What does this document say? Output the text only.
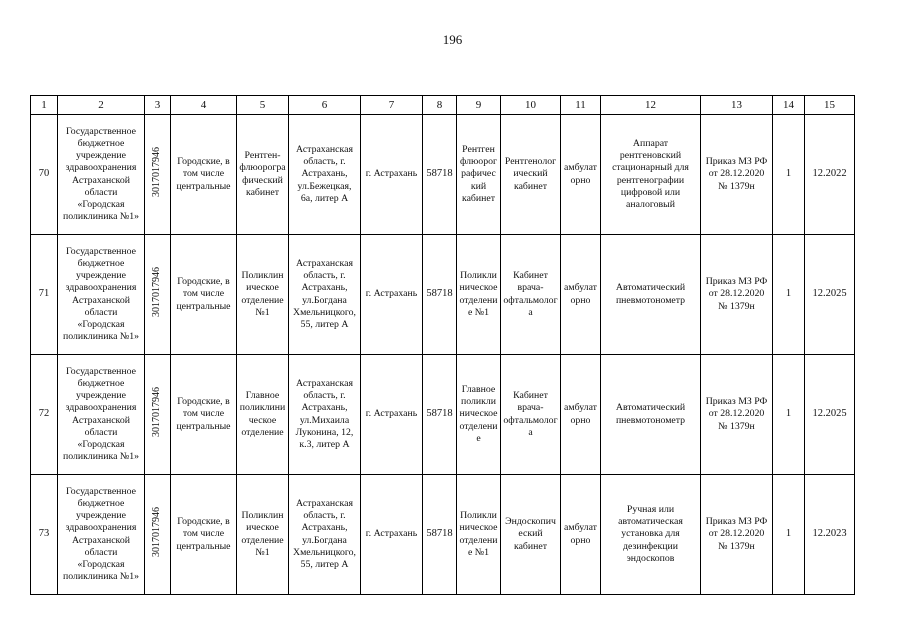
196
1	2	3	4	5	6	7	8	9	10	11	12	13	14	15
70	Государственное бюджетное учреждение здравоохранения Астраханской области «Городская поликлиника №1»	3017017946	Городские, в том числе центральные	Рентген-флюорографический кабинет	Астраханская область, г. Астрахань, ул.Бежецкая, 6а, литер А	г. Астрахань	58718	Рентгенфлюорографический кабинет	Рентгенологический кабинет	амбулаторно	Аппарат рентгеновский стационарный для рентгенографии цифровой или аналоговый	Приказ МЗ РФ от 28.12.2020 № 1379н	1	12.2022
71	Государственное бюджетное учреждение здравоохранения Астраханской области «Городская поликлиника №1»	3017017946	Городские, в том числе центральные	Поликлиническое отделение №1	Астраханская область, г. Астрахань, ул.Богдана Хмельницкого, 55, литер А	г. Астрахань	58718	Поликлиническое отделение №1	Кабинет врача-офтальмолога	амбулаторно	Автоматический пневмотонометр	Приказ МЗ РФ от 28.12.2020 № 1379н	1	12.2025
72	Государственное бюджетное учреждение здравоохранения Астраханской области «Городская поликлиника №1»	3017017946	Городские, в том числе центральные	Главное поликлиническое отделение	Астраханская область, г. Астрахань, ул.Михаила Луконина, 12, к.3, литер А	г. Астрахань	58718	Главное поликлиническое отделение	Кабинет врача-офтальмолога	амбулаторно	Автоматический пневмотонометр	Приказ МЗ РФ от 28.12.2020 № 1379н	1	12.2025
73	Государственное бюджетное учреждение здравоохранения Астраханской области «Городская поликлиника №1»	3017017946	Городские, в том числе центральные	Поликлиническое отделение №1	Астраханская область, г. Астрахань, ул.Богдана Хмельницкого, 55, литер А	г. Астрахань	58718	Поликлиническое отделение №1	Эндоскопический кабинет	амбулаторно	Ручная или автоматическая установка для дезинфекции эндоскопов	Приказ МЗ РФ от 28.12.2020 № 1379н	1	12.2023
